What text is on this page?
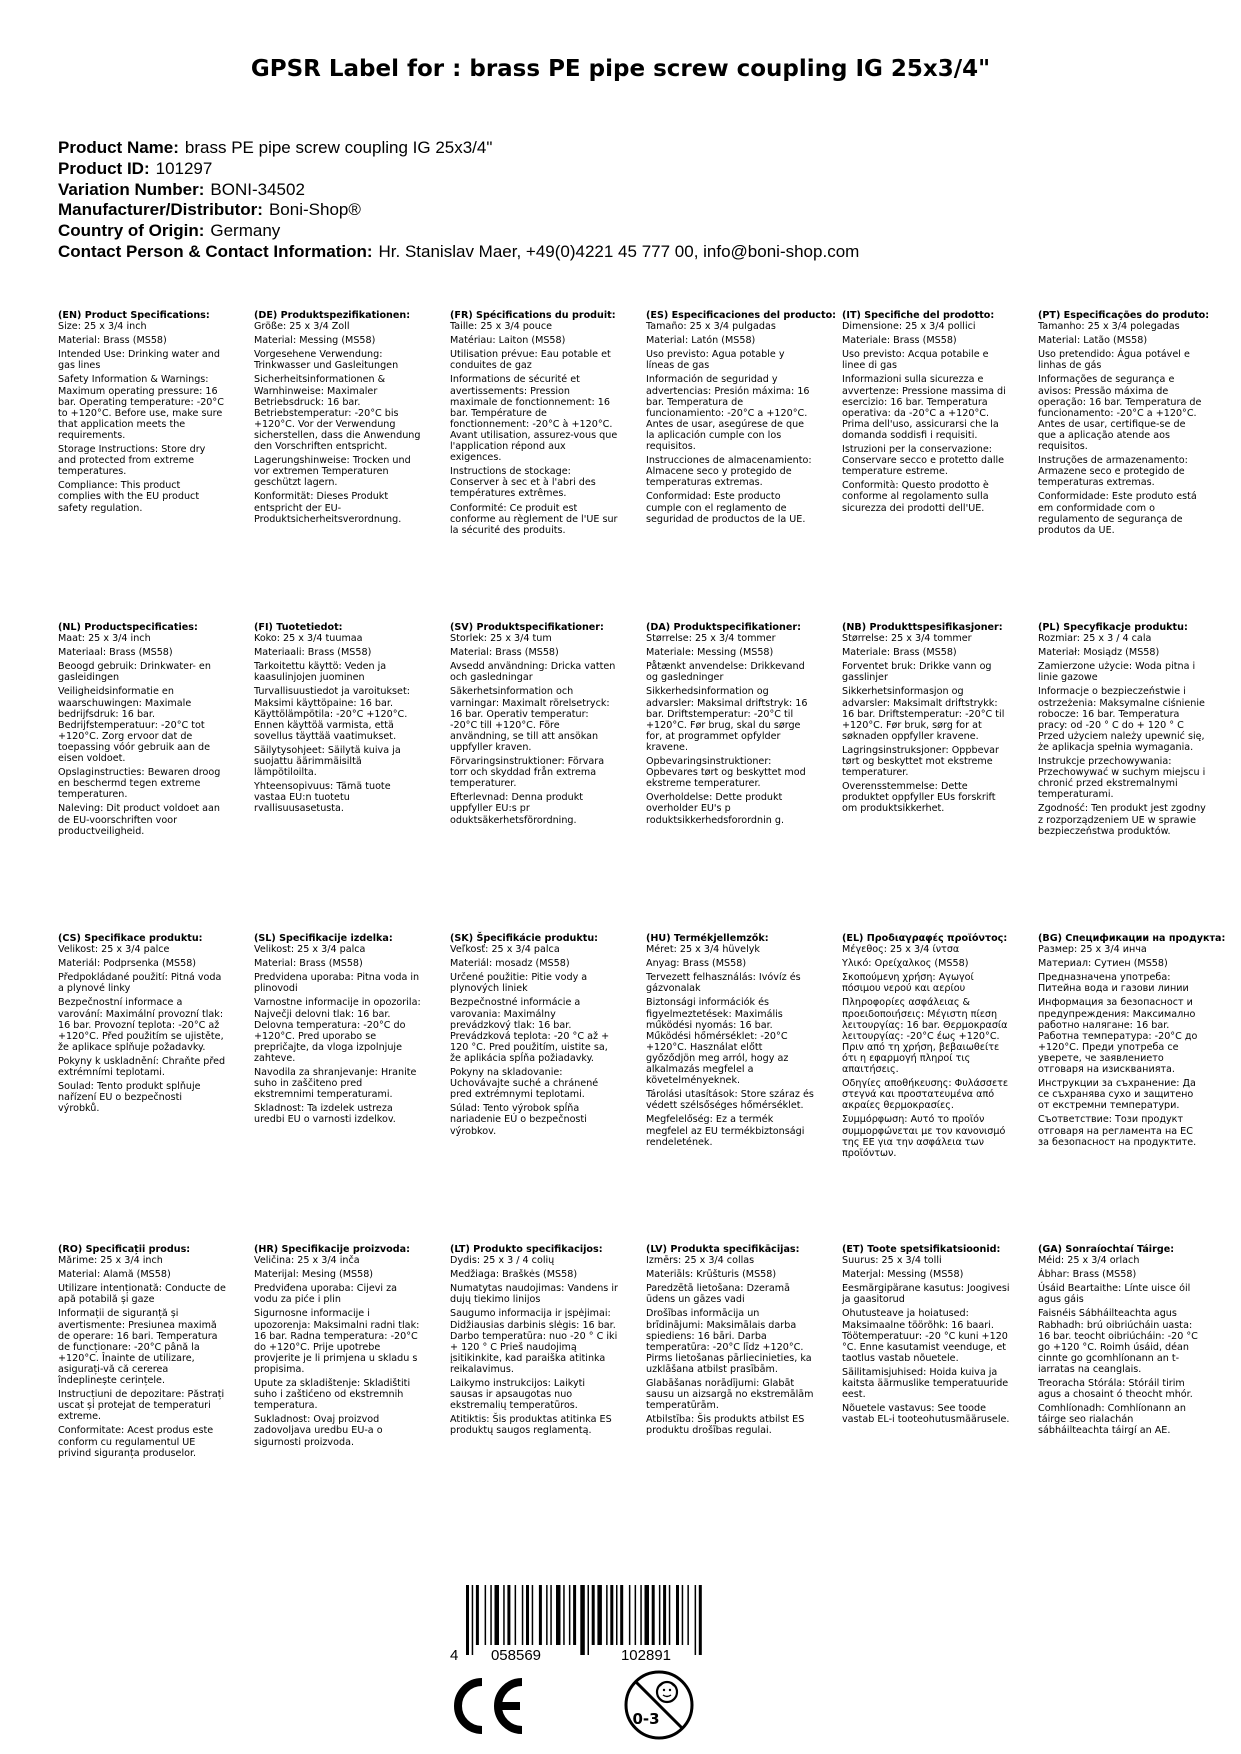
GPSR Label for : brass PE pipe screw coupling IG 25x3/4"
Product Name: brass PE pipe screw coupling IG 25x3/4"
Product ID: 101297
Variation Number: BONI-34502
Manufacturer/Distributor: Boni-Shop®
Country of Origin: Germany
Contact Person & Contact Information: Hr. Stanislav Maer, +49(0)4221 45 777 00, info@boni-shop.com
(EN) Product Specifications:
Size: 25 x 3/4 inch
Material: Brass (MS58)
Intended Use: Drinking water and gas lines
Safety Information & Warnings: Maximum operating pressure: 16 bar. Operating temperature: -20°C to +120°C. Before use, make sure that application meets the requirements.
Storage Instructions: Store dry and protected from extreme temperatures.
Compliance: This product complies with the EU product safety regulation.
(DE) Produktspezifikationen:
Größe: 25 x 3/4 Zoll
Material: Messing (MS58)
Vorgesehene Verwendung: Trinkwasser und Gasleitungen
Sicherheitsinformationen & Warnhinweise: Maximaler Betriebsdruck: 16 bar. Betriebstemperatur: -20°C bis +120°C. Vor der Verwendung sicherstellen, dass die Anwendung den Vorschriften entspricht.
Lagerungshinweise: Trocken und vor extremen Temperaturen geschützt lagern.
Konformität: Dieses Produkt entspricht der EU-Produktsicherheitsverordnung.
(FR) Spécifications du produit:
Taille: 25 x 3/4 pouce
Matériau: Laiton (MS58)
Utilisation prévue: Eau potable et conduites de gaz
Informations de sécurité et avertissements: Pression maximale de fonctionnement: 16 bar. Température de fonctionnement: -20°C à +120°C. Avant utilisation, assurez-vous que l'application répond aux exigences.
Instructions de stockage: Conserver à sec et à l'abri des températures extrêmes.
Conformité: Ce produit est conforme au règlement de l'UE sur la sécurité des produits.
(ES) Especificaciones del producto:
Tamaño: 25 x 3/4 pulgadas
Material: Latón (MS58)
Uso previsto: Agua potable y líneas de gas
Información de seguridad y advertencias: Presión máxima: 16 bar. Temperatura de funcionamiento: -20°C a +120°C. Antes de usar, asegúrese de que la aplicación cumple con los requisitos.
Instrucciones de almacenamiento: Almacene seco y protegido de temperaturas extremas.
Conformidad: Este producto cumple con el reglamento de seguridad de productos de la UE.
(IT) Specifiche del prodotto:
Dimensione: 25 x 3/4 pollici
Materiale: Brass (MS58)
Uso previsto: Acqua potabile e linee di gas
Informazioni sulla sicurezza e avvertenze: Pressione massima di esercizio: 16 bar. Temperatura operativa: da -20°C a +120°C. Prima dell'uso, assicurarsi che la domanda soddisfi i requisiti.
Istruzioni per la conservazione: Conservare secco e protetto dalle temperature estreme.
Conformità: Questo prodotto è conforme al regolamento sulla sicurezza dei prodotti dell'UE.
(PT) Especificações do produto:
Tamanho: 25 x 3/4 polegadas
Material: Latão (MS58)
Uso pretendido: Água potável e linhas de gás
Informações de segurança e avisos: Pressão máxima de operação: 16 bar. Temperatura de funcionamento: -20°C a +120°C. Antes de usar, certifique-se de que a aplicação atende aos requisitos.
Instruções de armazenamento: Armazene seco e protegido de temperaturas extremas.
Conformidade: Este produto está em conformidade com o regulamento de segurança de produtos da UE.
(NL) Productspecificaties:
Maat: 25 x 3/4 inch
Materiaal: Brass (MS58)
Beoogd gebruik: Drinkwater- en gasleidingen
Veiligheidsinformatie en waarschuwingen: Maximale bedrijfsdruk: 16 bar. Bedrijfstemperatuur: -20°C tot +120°C. Zorg ervoor dat de toepassing vóór gebruik aan de eisen voldoet.
Opslaginstructies: Bewaren droog en beschermd tegen extreme temperaturen.
Naleving: Dit product voldoet aan de EU-voorschriften voor productveiligheid.
(FI) Tuotetiedot:
Koko: 25 x 3/4 tuumaa
Materiaali: Brass (MS58)
Tarkoitettu käyttö: Veden ja kaasulinjojen juominen
Turvallisuustiedot ja varoitukset: Maksimi käyttöpaine: 16 bar. Käyttölämpötila: -20°C +120°C. Ennen käyttöä varmista, että sovellus täyttää vaatimukset.
Säilytysohjeet: Säilytä kuiva ja suojattu äärimmäisiltä lämpötiloilta.
Yhteensopivuus: Tämä tuote vastaa EU:n tuotetu rvallisuusasetusta.
(SV) Produktspecifikationer:
Storlek: 25 x 3/4 tum
Material: Brass (MS58)
Avsedd användning: Dricka vatten och gasledningar
Säkerhetsinformation och varningar: Maximalt rörelsetryck: 16 bar. Operativ temperatur: -20°C till +120°C. Före användning, se till att ansökan uppfyller kraven.
Förvaringsinstruktioner: Förvara torr och skyddad från extrema temperaturer.
Efterlevnad: Denna produkt uppfyller EU:s pr oduktsäkerhetsförordning.
(DA) Produktspecifikationer:
Størrelse: 25 x 3/4 tommer
Materiale: Messing (MS58)
Påtænkt anvendelse: Drikkevand og gasledninger
Sikkerhedsinformation og advarsler: Maksimal driftstryk: 16 bar. Driftstemperatur: -20°C til +120°C. Før brug, skal du sørge for, at programmet opfylder kravene.
Opbevaringsinstruktioner: Opbevares tørt og beskyttet mod ekstreme temperaturer.
Overholdelse: Dette produkt overholder EU's p roduktsikkerhedsforordnin g.
(NB) Produkttspesifikasjoner:
Størrelse: 25 x 3/4 tommer
Materiale: Brass (MS58)
Forventet bruk: Drikke vann og gasslinjer
Sikkerhetsinformasjon og advarsler: Maksimalt driftstrykk: 16 bar. Driftstemperatur: -20°C til +120°C. Før bruk, sørg for at søknaden oppfyller kravene.
Lagringsinstruksjoner: Oppbevar tørt og beskyttet mot ekstreme temperaturer.
Overensstemmelse: Dette produktet oppfyller EUs forskrift om produktsikkerhet.
(PL) Specyfikacje produktu:
Rozmiar: 25 x 3 / 4 cala
Materiał: Mosiądz (MS58)
Zamierzone użycie: Woda pitna i linie gazowe
Informacje o bezpieczeństwie i ostrzeżenia: Maksymalne ciśnienie robocze: 16 bar. Temperatura pracy: od -20 ° C do + 120 ° C Przed użyciem należy upewnić się, że aplikacja spełnia wymagania.
Instrukcje przechowywania: Przechowywać w suchym miejscu i chronić przed ekstremalnymi temperaturami.
Zgodność: Ten produkt jest zgodny z rozporządzeniem UE w sprawie bezpieczeństwa produktów.
(CS) Specifikace produktu:
Velikost: 25 x 3/4 palce
Materiál: Podprsenka (MS58)
Předpokládané použití: Pitná voda a plynové linky
Bezpečnostní informace a varování: Maximální provozní tlak: 16 bar. Provozní teplota: -20°C až +120°C. Před použitím se ujistěte, že aplikace splňuje požadavky.
Pokyny k uskladnění: Chraňte před extrémními teplotami.
Soulad: Tento produkt splňuje nařízení EU o bezpečnosti výrobků.
(SL) Specifikacije izdelka:
Velikost: 25 x 3/4 palca
Material: Brass (MS58)
Predvidena uporaba: Pitna voda in plinovodi
Varnostne informacije in opozorila: Največji delovni tlak: 16 bar. Delovna temperatura: -20°C do +120°C. Pred uporabo se prepričajte, da vloga izpolnjuje zahteve.
Navodila za shranjevanje: Hranite suho in zaščiteno pred ekstremnimi temperaturami.
Skladnost: Ta izdelek ustreza uredbi EU o varnosti izdelkov.
(SK) Špecifikácie produktu:
Veľkosť: 25 x 3/4 palca
Materiál: mosadz (MS58)
Určené použitie: Pitie vody a plynových liniek
Bezpečnostné informácie a varovania: Maximálny prevádzkový tlak: 16 bar. Prevádzková teplota: -20 °C až + 120 °C. Pred použitím, uistite sa, že aplikácia spĺňa požiadavky.
Pokyny na skladovanie: Uchovávajte suché a chránené pred extrémnymi teplotami.
Súlad: Tento výrobok spĺňa nariadenie EÚ o bezpečnosti výrobkov.
(HU) Termékjellemzők:
Méret: 25 x 3/4 hüvelyk
Anyag: Brass (MS58)
Tervezett felhasználás: Ivóvíz és gázvonalak
Biztonsági információk és figyelmeztetések: Maximális működési nyomás: 16 bar. Működési hőmérséklet: -20°C +120°C. Használat előtt győződjön meg arról, hogy az alkalmazás megfelel a követelményeknek.
Tárolási utasítások: Store száraz és védett szélsőséges hőmérséklet.
Megfelelőség: Ez a termék megfelel az EU termékbiztonsági rendeletének.
(EL) Προδιαγραφές προϊόντος:
Μέγεθος: 25 x 3/4 ίντσα
Υλικό: Ορείχαλκος (MS58)
Σκοπούμενη χρήση: Αγωγοί πόσιμου νερού και αερίου
Πληροφορίες ασφάλειας & προειδοποιήσεις: Μέγιστη πίεση λειτουργίας: 16 bar. Θερμοκρασία λειτουργίας: -20°C έως +120°C. Πριν από τη χρήση, βεβαιωθείτε ότι η εφαρμογή πληροί τις απαιτήσεις.
Οδηγίες αποθήκευσης: Φυλάσσετε στεγνά και προστατευμένα από ακραίες θερμοκρασίες.
Συμμόρφωση: Αυτό το προϊόν συμμορφώνεται με τον κανονισμό της ΕΕ για την ασφάλεια των προϊόντων.
(BG) Спецификации на продукта:
Размер: 25 x 3/4 инча
Материал: Сутиен (MS58)
Предназначена употреба: Питейна вода и газови линии
Информация за безопасност и предупреждения: Максимално работно налягане: 16 bar. Работна температура: -20°C до +120°C. Преди употреба се уверете, че заявлението отговаря на изискванията.
Инструкции за съхранение: Да се съхранява сухо и защитено от екстремни температури.
Съответствие: Този продукт отговаря на регламента на ЕС за безопасност на продуктите.
(RO) Specificații produs:
Mărime: 25 x 3/4 inch
Material: Alamă (MS58)
Utilizare intenționată: Conducte de apă potabilă și gaze
Informații de siguranță și avertismente: Presiunea maximă de operare: 16 bari. Temperatura de funcționare: -20°C până la +120°C. Înainte de utilizare, asigurați-vă că cererea îndeplinește cerințele.
Instrucțiuni de depozitare: Păstrați uscat și protejat de temperaturi extreme.
Conformitate: Acest produs este conform cu regulamentul UE privind siguranța produselor.
(HR) Specifikacije proizvoda:
Veličina: 25 x 3/4 inča
Materijal: Mesing (MS58)
Predviđena uporaba: Cijevi za vodu za piće i plin
Sigurnosne informacije i upozorenja: Maksimalni radni tlak: 16 bar. Radna temperatura: -20°C do +120°C. Prije upotrebe provjerite je li primjena u skladu s propisima.
Upute za skladištenje: Skladištiti suho i zaštićeno od ekstremnih temperatura.
Sukladnost: Ovaj proizvod zadovoljava uredbu EU-a o sigurnosti proizvoda.
(LT) Produkto specifikacijos:
Dydis: 25 x 3 / 4 colių
Medžiaga: Braškės (MS58)
Numatytas naudojimas: Vandens ir dujų tiekimo linijos
Saugumo informacija ir įspėjimai: Didžiausias darbinis slėgis: 16 bar. Darbo temperatūra: nuo -20 ° C iki + 120 ° C Prieš naudojimą įsitikinkite, kad paraiška atitinka reikalavimus.
Laikymo instrukcijos: Laikyti sausas ir apsaugotas nuo ekstremalių temperatūros.
Atitiktis: Šis produktas atitinka ES produktų saugos reglamentą.
(LV) Produkta specifikācijas:
Izmērs: 25 x 3/4 collas
Materiāls: Krūšturis (MS58)
Paredzētā lietošana: Dzeramā ūdens un gāzes vadi
Drošības informācija un brīdinājumi: Maksimālais darba spiediens: 16 bāri. Darba temperatūra: -20°C līdz +120°C. Pirms lietošanas pārliecinieties, ka uzklāšana atbilst prasībām.
Glabāšanas norādījumi: Glabāt sausu un aizsargā no ekstremālām temperatūrām.
Atbilstība: Šis produkts atbilst ES produktu drošības regulai.
(ET) Toote spetsifikatsioonid:
Suurus: 25 x 3/4 tolli
Materjal: Messing (MS58)
Eesmärgipärane kasutus: Joogivesi ja gaasitorud
Ohutusteave ja hoiatused: Maksimaalne töörõhk: 16 baari. Töötemperatuur: -20 °C kuni +120 °C. Enne kasutamist veenduge, et taotlus vastab nõuetele.
Säilitamisjuhised: Hoida kuiva ja kaitsta äärmuslike temperatuuride eest.
Nõuetele vastavus: See toode vastab EL-i tooteohutusmäärusele.
(GA) Sonraíochtaí Táirge:
Méid: 25 x 3/4 orlach
Ábhar: Brass (MS58)
Úsáid Beartaithe: Línte uisce óil agus gáis
Faisnéis Sábháilteachta agus Rabhadh: brú oibriúcháin uasta: 16 bar. teocht oibriúcháin: -20 °C go +120 °C. Roimh úsáid, déan cinnte go gcomhlíonann an t-iarratas na ceanglais.
Treoracha Stórála: Stóráil tirim agus a chosaint ó theocht mhór.
Comhlíonadh: Comhlíonann an táirge seo rialachán sábháilteachta táirgí an AE.
4 058569	102891
0-3
